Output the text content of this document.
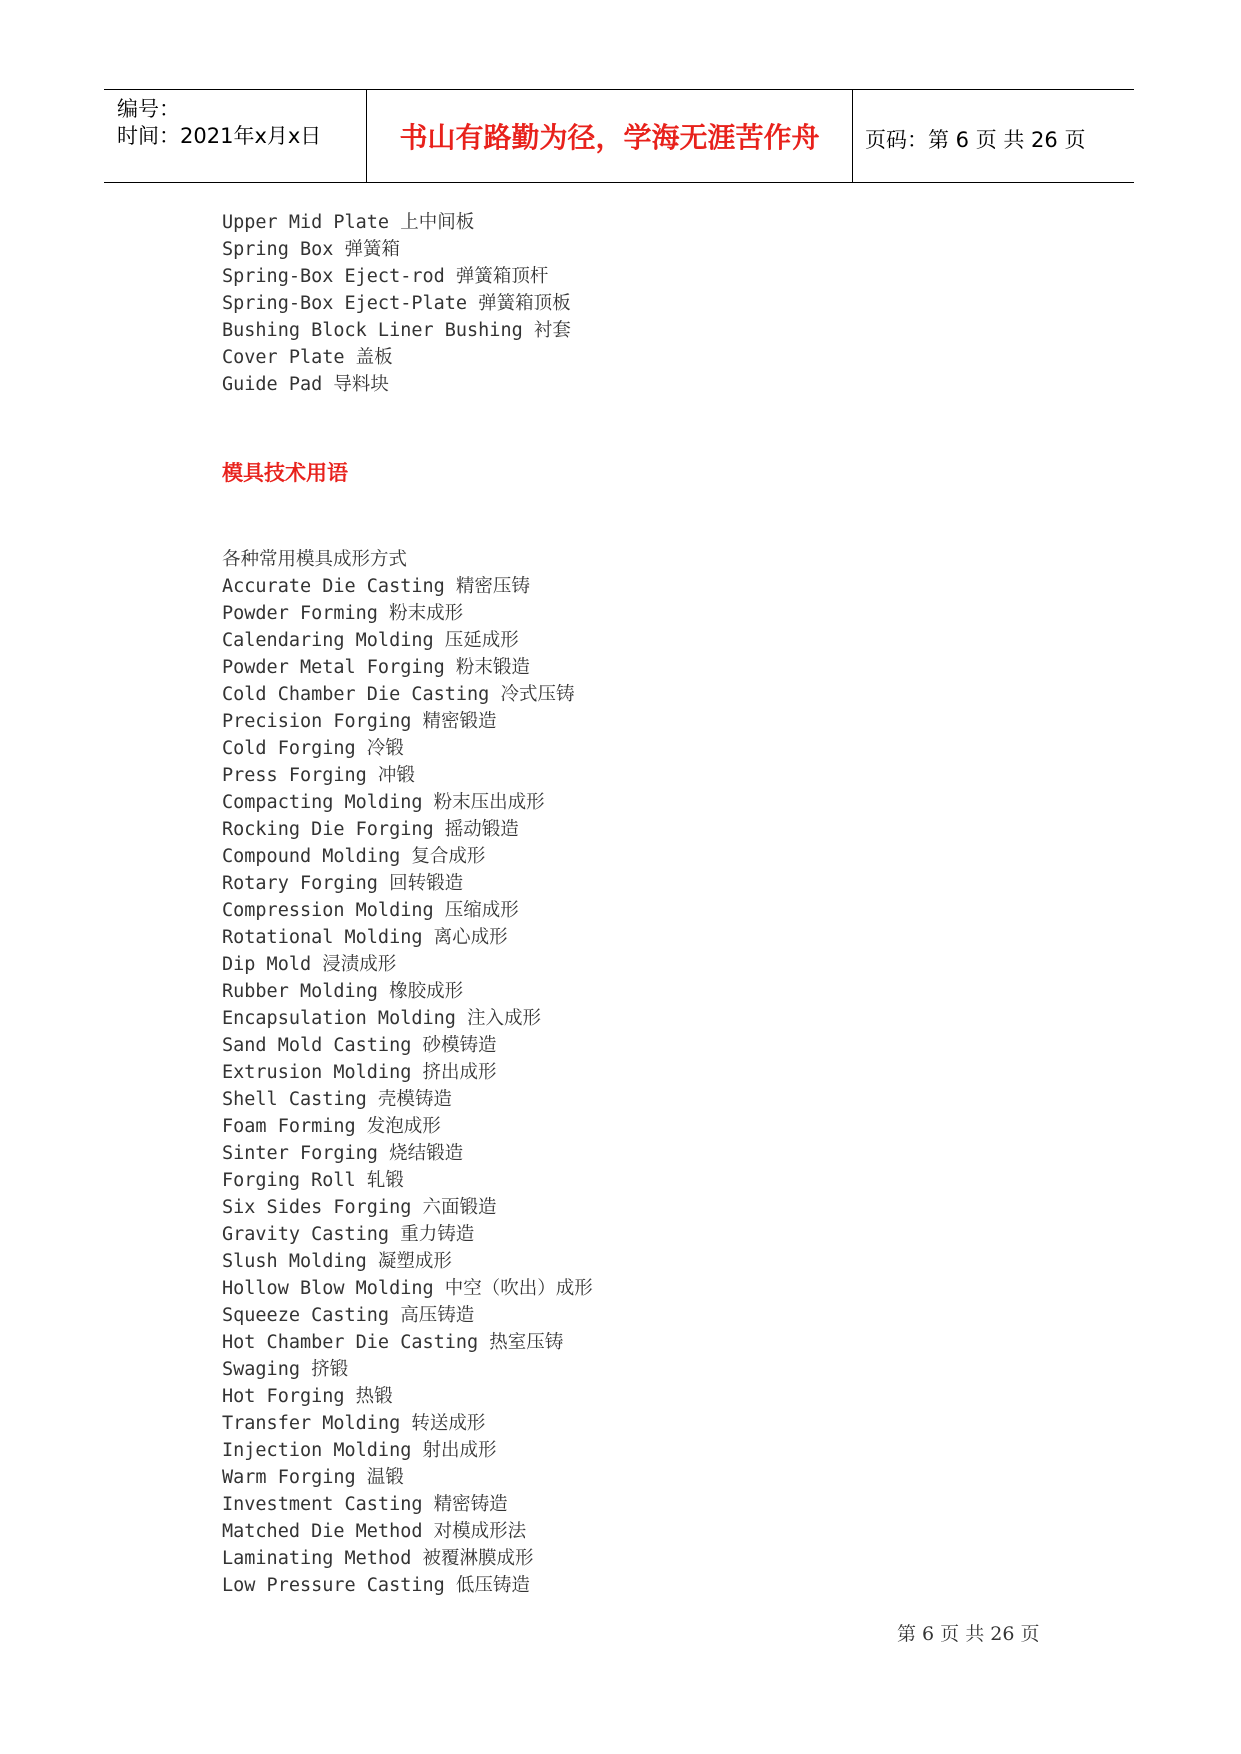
编号：
时间：2021年x月x日	书山有路勤为径，学海无涯苦作舟	页码：第 6 页 共 26 页
Upper Mid Plate 上中间板
Spring Box 弹簧箱
Spring-Box Eject-rod 弹簧箱顶杆
Spring-Box Eject-Plate 弹簧箱顶板
Bushing Block Liner Bushing 衬套
Cover Plate 盖板
Guide Pad 导料块
模具技术用语
各种常用模具成形方式
Accurate Die Casting 精密压铸
Powder Forming 粉末成形
Calendaring Molding 压延成形
Powder Metal Forging 粉末锻造
Cold Chamber Die Casting 冷式压铸
Precision Forging 精密锻造
Cold Forging 冷锻
Press Forging 冲锻
Compacting Molding 粉末压出成形
Rocking Die Forging 摇动锻造
Compound Molding 复合成形
Rotary Forging 回转锻造
Compression Molding 压缩成形
Rotational Molding 离心成形
Dip Mold 浸渍成形
Rubber Molding 橡胶成形
Encapsulation Molding 注入成形
Sand Mold Casting 砂模铸造
Extrusion Molding 挤出成形
Shell Casting 壳模铸造
Foam Forming 发泡成形
Sinter Forging 烧结锻造
Forging Roll 轧锻
Six Sides Forging 六面锻造
Gravity Casting 重力铸造
Slush Molding 凝塑成形
Hollow Blow Molding 中空（吹出）成形
Squeeze Casting 高压铸造
Hot Chamber Die Casting 热室压铸
Swaging 挤锻
Hot Forging 热锻
Transfer Molding 转送成形
Injection Molding 射出成形
Warm Forging 温锻
Investment Casting 精密铸造
Matched Die Method 对模成形法
Laminating Method 被覆淋膜成形
Low Pressure Casting 低压铸造
第 6 页 共 26 页
